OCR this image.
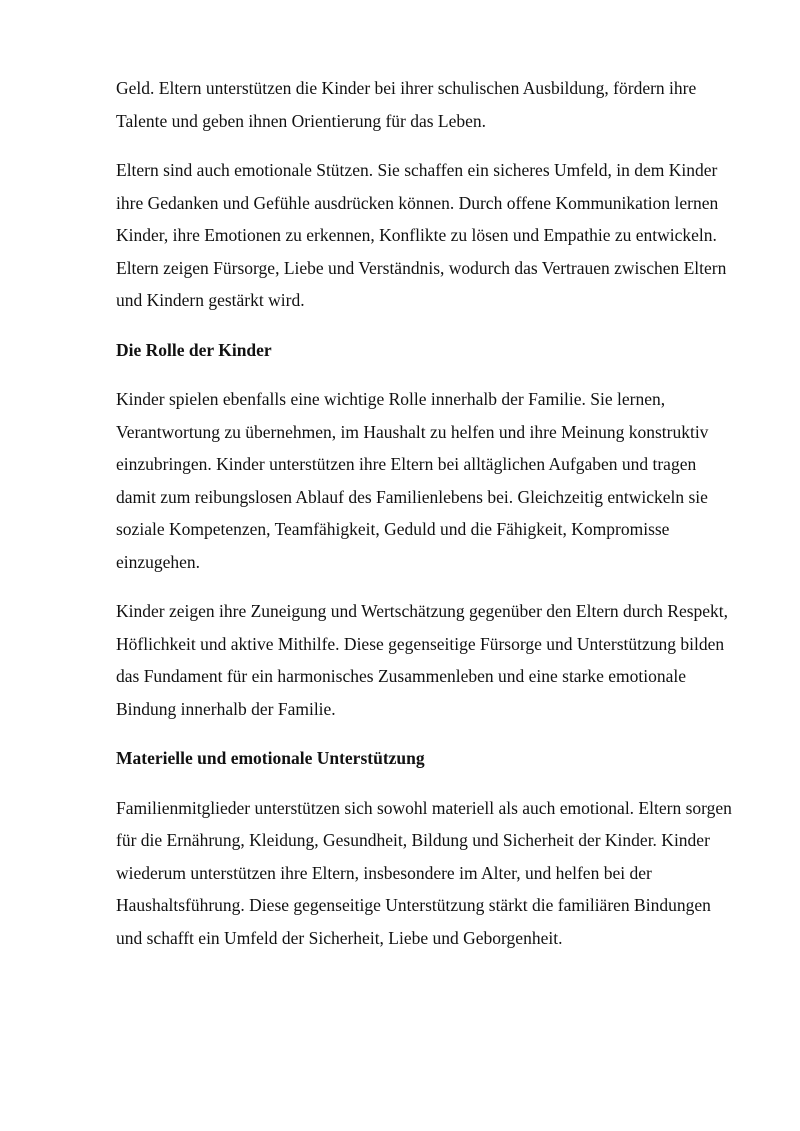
Geld. Eltern unterstützen die Kinder bei ihrer schulischen Ausbildung, fördern ihre Talente und geben ihnen Orientierung für das Leben.

Eltern sind auch emotionale Stützen. Sie schaffen ein sicheres Umfeld, in dem Kinder ihre Gedanken und Gefühle ausdrücken können. Durch offene Kommunikation lernen Kinder, ihre Emotionen zu erkennen, Konflikte zu lösen und Empathie zu entwickeln. Eltern zeigen Fürsorge, Liebe und Verständnis, wodurch das Vertrauen zwischen Eltern und Kindern gestärkt wird.

Die Rolle der Kinder

Kinder spielen ebenfalls eine wichtige Rolle innerhalb der Familie. Sie lernen, Verantwortung zu übernehmen, im Haushalt zu helfen und ihre Meinung konstruktiv einzubringen. Kinder unterstützen ihre Eltern bei alltäglichen Aufgaben und tragen damit zum reibungslosen Ablauf des Familienlebens bei. Gleichzeitig entwickeln sie soziale Kompetenzen, Teamfähigkeit, Geduld und die Fähigkeit, Kompromisse einzugehen.

Kinder zeigen ihre Zuneigung und Wertschätzung gegenüber den Eltern durch Respekt, Höflichkeit und aktive Mithilfe. Diese gegenseitige Fürsorge und Unterstützung bilden das Fundament für ein harmonisches Zusammenleben und eine starke emotionale Bindung innerhalb der Familie.

Materielle und emotionale Unterstützung

Familienmitglieder unterstützen sich sowohl materiell als auch emotional. Eltern sorgen für die Ernährung, Kleidung, Gesundheit, Bildung und Sicherheit der Kinder. Kinder wiederum unterstützen ihre Eltern, insbesondere im Alter, und helfen bei der Haushaltsführung. Diese gegenseitige Unterstützung stärkt die familiären Bindungen und schafft ein Umfeld der Sicherheit, Liebe und Geborgenheit.
